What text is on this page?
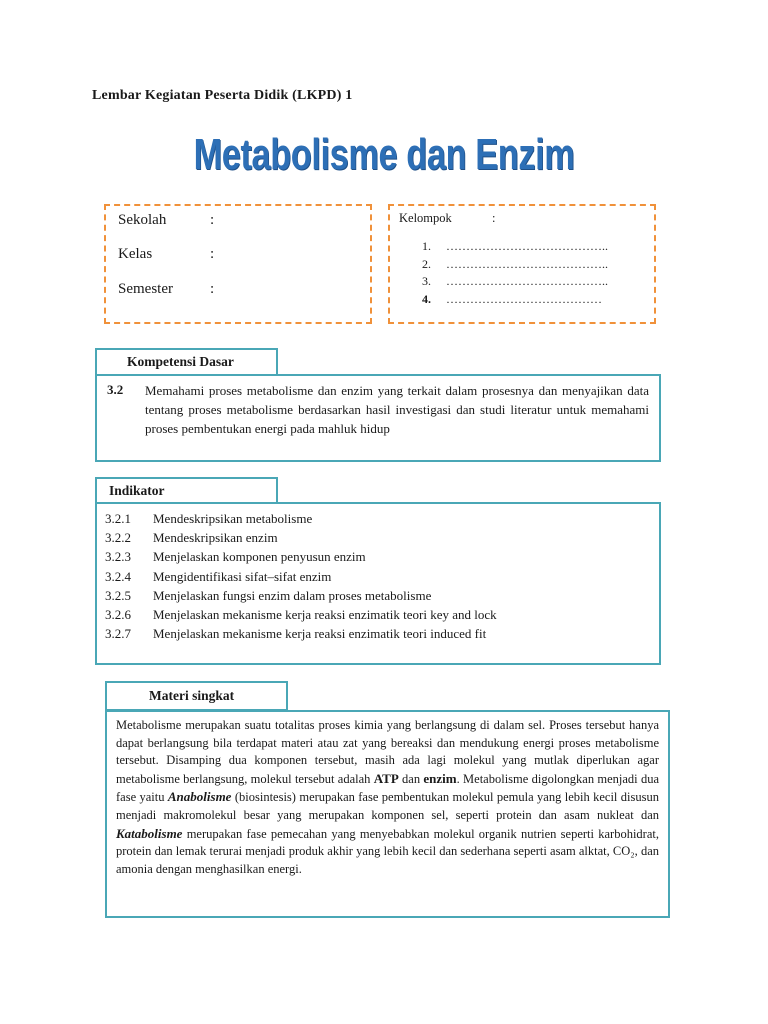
Lembar Kegiatan Peserta Didik (LKPD) 1
Metabolisme dan Enzim
Sekolah	:
Kelas	:
Semester :
Kelompok	:
1. …………………………………..
2. …………………………………..
3. …………………………………..
4. …………………………………
3.2 Memahami proses metabolisme dan enzim yang terkait dalam prosesnya dan menyajikan data tentang proses metabolisme berdasarkan hasil investigasi dan studi literatur untuk memahami proses pembentukan energi pada mahluk hidup
Kompetensi Dasar
3.2.1 Mendeskripsikan metabolisme
3.2.2 Mendeskripsikan enzim
3.2.3 Menjelaskan komponen penyusun enzim
3.2.4 Mengidentifikasi sifat–sifat enzim
3.2.5 Menjelaskan fungsi enzim dalam proses metabolisme
3.2.6 Menjelaskan mekanisme kerja reaksi enzimatik teori key and lock
3.2.7 Menjelaskan mekanisme kerja reaksi enzimatik teori induced fit
Indikator
Metabolisme merupakan suatu totalitas proses kimia yang berlangsung di dalam sel. Proses tersebut hanya dapat berlangsung bila terdapat materi atau zat yang bereaksi dan mendukung energi proses metabolisme tersebut. Disamping dua komponen tersebut, masih ada lagi molekul yang mutlak diperlukan agar metabolisme berlangsung, molekul tersebut adalah ATP dan enzim. Metabolisme digolongkan menjadi dua fase yaitu Anabolisme (biosintesis) merupakan fase pembentukan molekul pemula yang lebih kecil disusun menjadi makromolekul besar yang merupakan komponen sel, seperti protein dan asam nukleat dan Katabolisme merupakan fase pemecahan yang menyebabkan molekul organik nutrien seperti karbohidrat, protein dan lemak terurai menjadi produk akhir yang lebih kecil dan sederhana seperti asam alktat, CO₂, dan amonia dengan menghasilkan energi.
Materi singkat
